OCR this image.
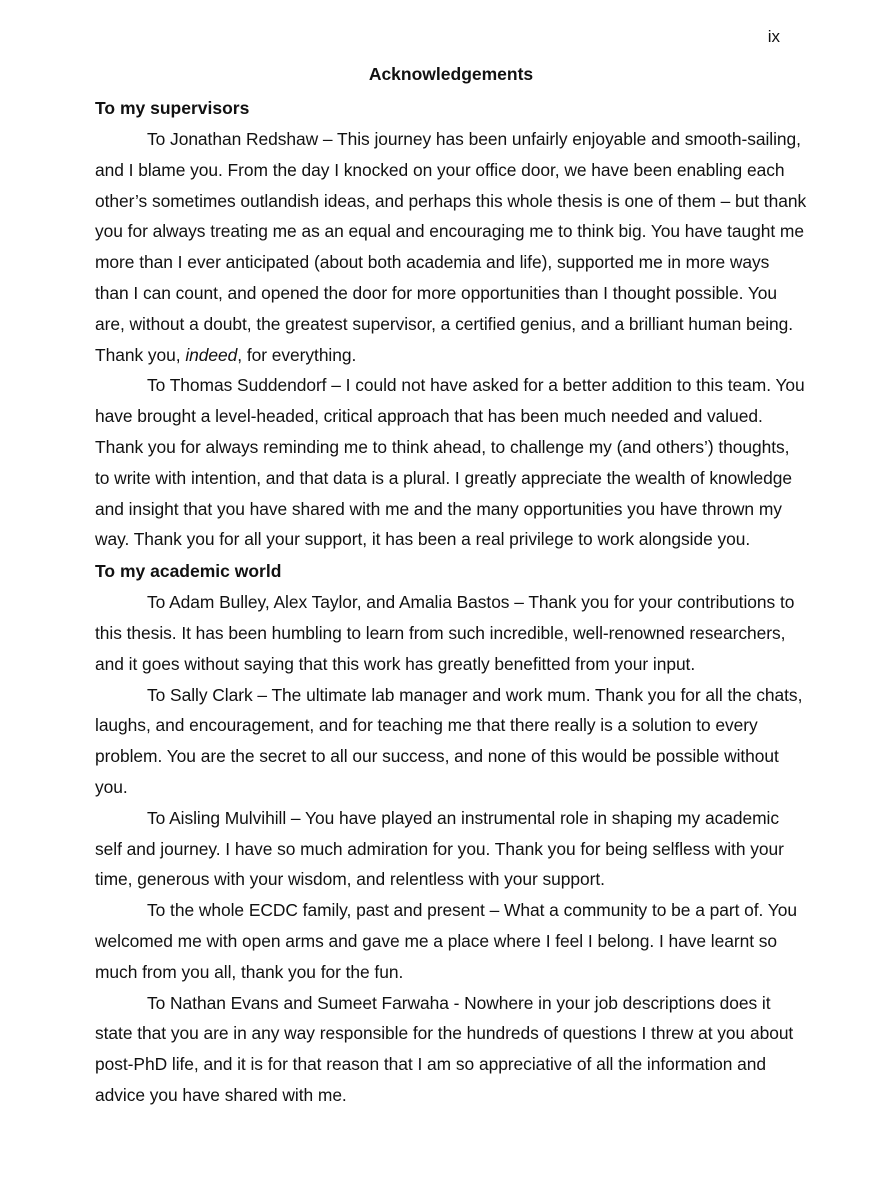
ix
Acknowledgements
To my supervisors

To Jonathan Redshaw – This journey has been unfairly enjoyable and smooth-sailing, and I blame you. From the day I knocked on your office door, we have been enabling each other’s sometimes outlandish ideas, and perhaps this whole thesis is one of them – but thank you for always treating me as an equal and encouraging me to think big. You have taught me more than I ever anticipated (about both academia and life), supported me in more ways than I can count, and opened the door for more opportunities than I thought possible. You are, without a doubt, the greatest supervisor, a certified genius, and a brilliant human being. Thank you, indeed, for everything.

To Thomas Suddendorf – I could not have asked for a better addition to this team. You have brought a level-headed, critical approach that has been much needed and valued. Thank you for always reminding me to think ahead, to challenge my (and others’) thoughts, to write with intention, and that data is a plural. I greatly appreciate the wealth of knowledge and insight that you have shared with me and the many opportunities you have thrown my way. Thank you for all your support, it has been a real privilege to work alongside you.

To my academic world

To Adam Bulley, Alex Taylor, and Amalia Bastos – Thank you for your contributions to this thesis. It has been humbling to learn from such incredible, well-renowned researchers, and it goes without saying that this work has greatly benefitted from your input.

To Sally Clark – The ultimate lab manager and work mum. Thank you for all the chats, laughs, and encouragement, and for teaching me that there really is a solution to every problem. You are the secret to all our success, and none of this would be possible without you.

To Aisling Mulvihill – You have played an instrumental role in shaping my academic self and journey. I have so much admiration for you. Thank you for being selfless with your time, generous with your wisdom, and relentless with your support.

To the whole ECDC family, past and present – What a community to be a part of. You welcomed me with open arms and gave me a place where I feel I belong. I have learnt so much from you all, thank you for the fun.

To Nathan Evans and Sumeet Farwaha - Nowhere in your job descriptions does it state that you are in any way responsible for the hundreds of questions I threw at you about post-PhD life, and it is for that reason that I am so appreciative of all the information and advice you have shared with me.
